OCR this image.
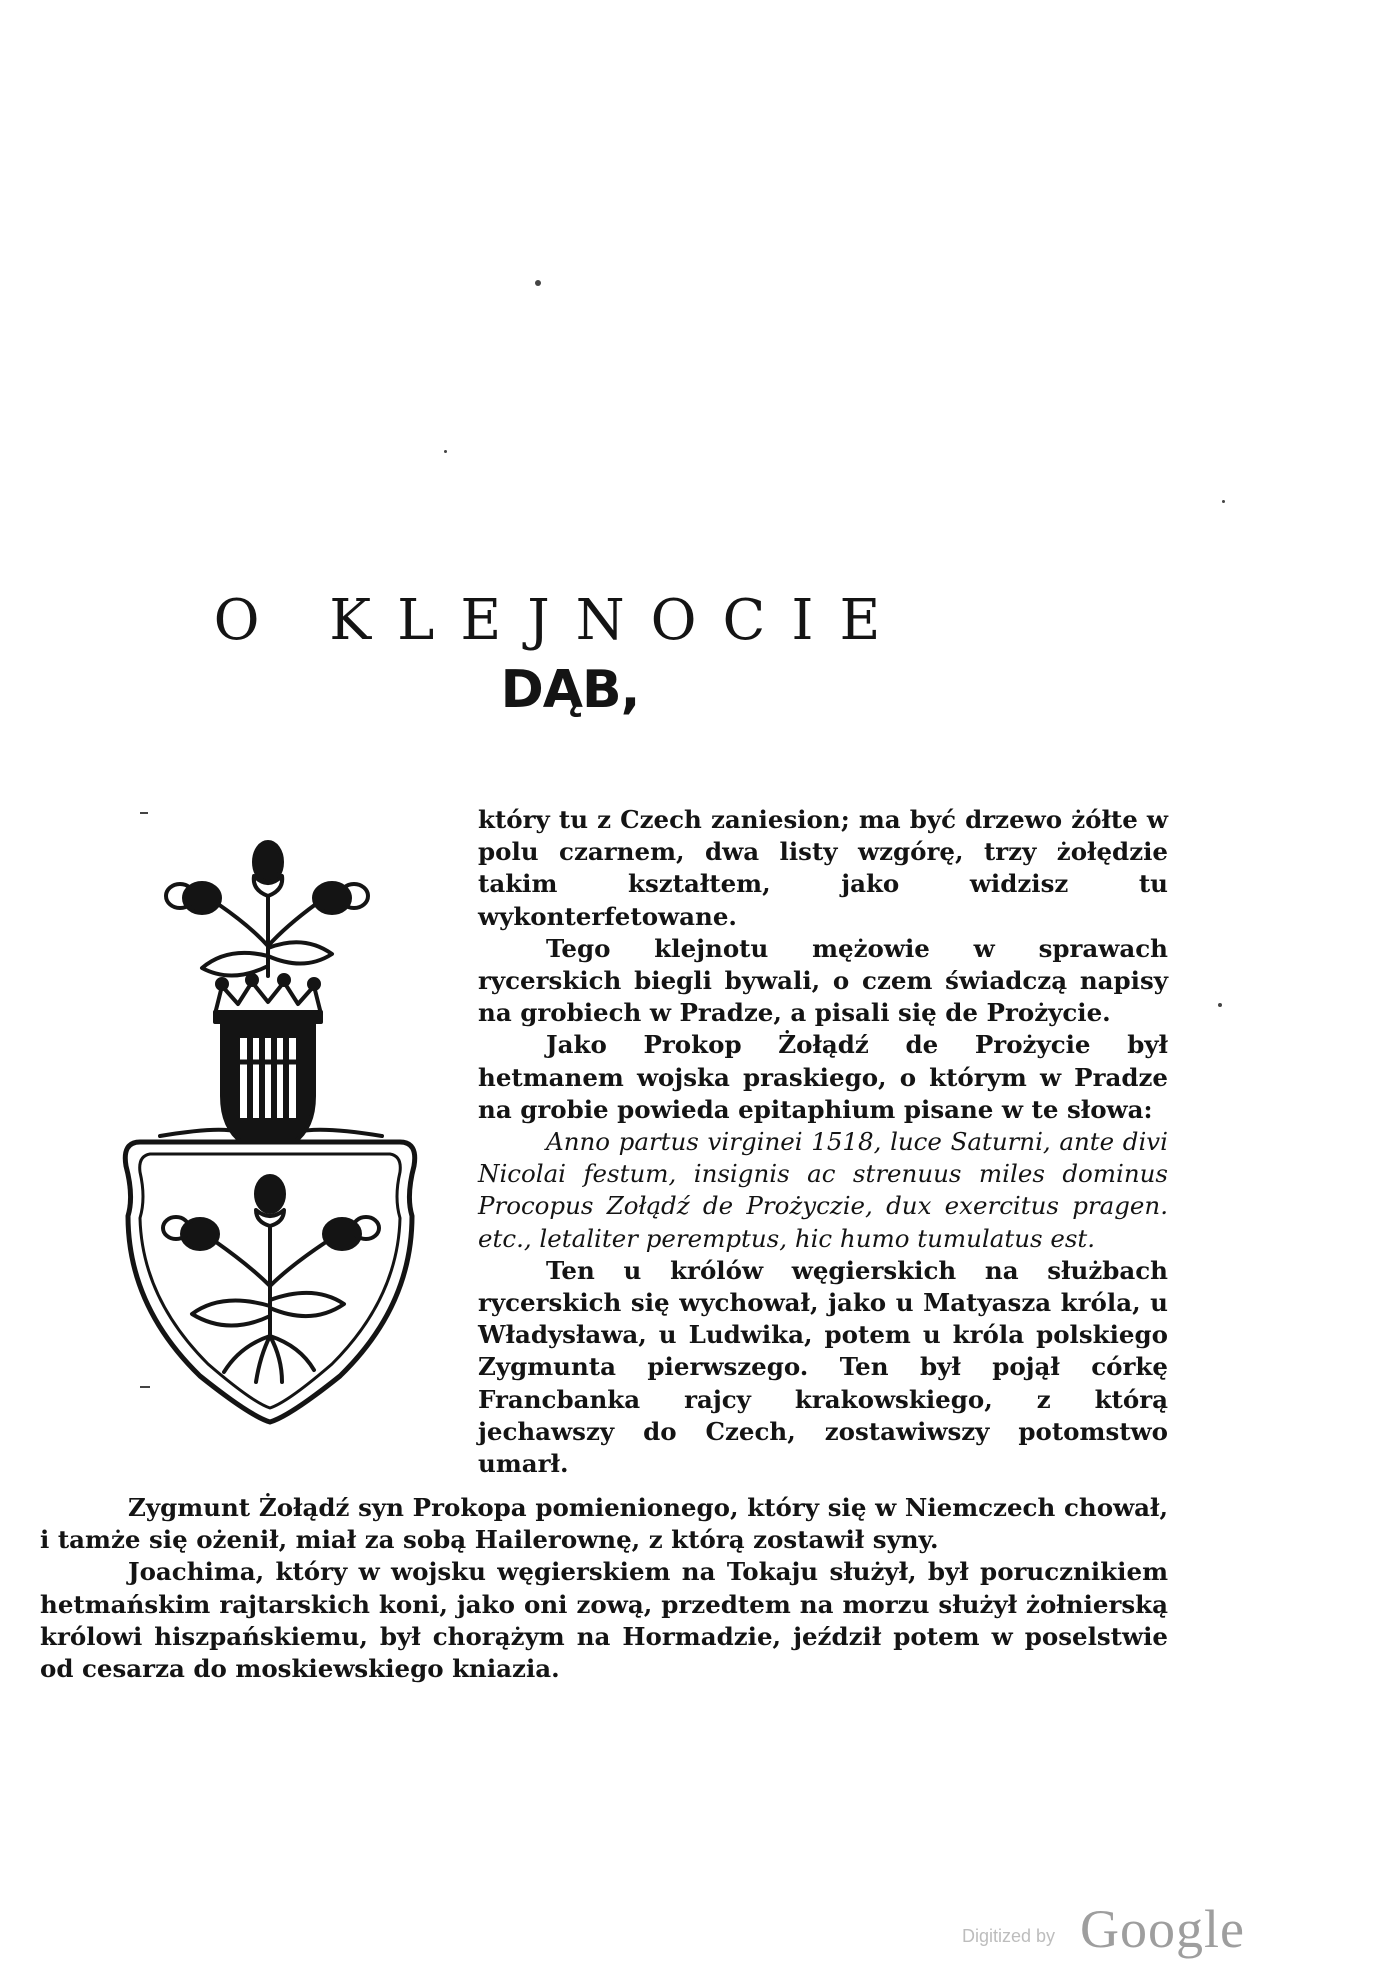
O KLEJNOCIE
DĄB,

który tu z Czech zaniesion; ma być drzewo żółte w polu czarnem, dwa listy wzgórę, trzy żołędzie takim kształtem, jako widzisz tu wykonterfetowane.

Tego klejnotu mężowie w sprawach rycerskich biegli bywali, o czem świadczą napisy na grobiech w Pradze, a pisali się de Prożycie.

Jako Prokop Żołądź de Prożycie był hetmanem wojska praskiego, o którym w Pradze na grobie powieda epitaphium pisane w te słowa:

Anno partus virginei 1518, luce Saturni, ante divi Nicolai festum, insignis ac strenuus miles dominus Procopus Zołądź de Prożyczie, dux exercitus pragen. etc., letaliter peremptus, hic humo tumulatus est.

Ten u królów węgierskich na służbach rycerskich się wychował, jako u Matyasza króla, u Władysława, u Ludwika, potem u króla polskiego Zygmunta pierwszego. Ten był pojął córkę Francbanka rajcy krakowskiego, z którą jechawszy do Czech, zostawiwszy potomstwo umarł.

Zygmunt Żołądź syn Prokopa pomienionego, który się w Niemczech chował, i tamże się ożenił, miał za sobą Hailerownę, z którą zostawił syny.

Joachima, który w wojsku węgierskiem na Tokaju służył, był porucznikiem hetmańskim rajtarskich koni, jako oni zową, przedtem na morzu służył żołnierską królowi hiszpańskiemu, był chorążym na Hormadzie, jeździł potem w poselstwie od cesarza do moskiewskiego kniazia.

Digitized by Google
